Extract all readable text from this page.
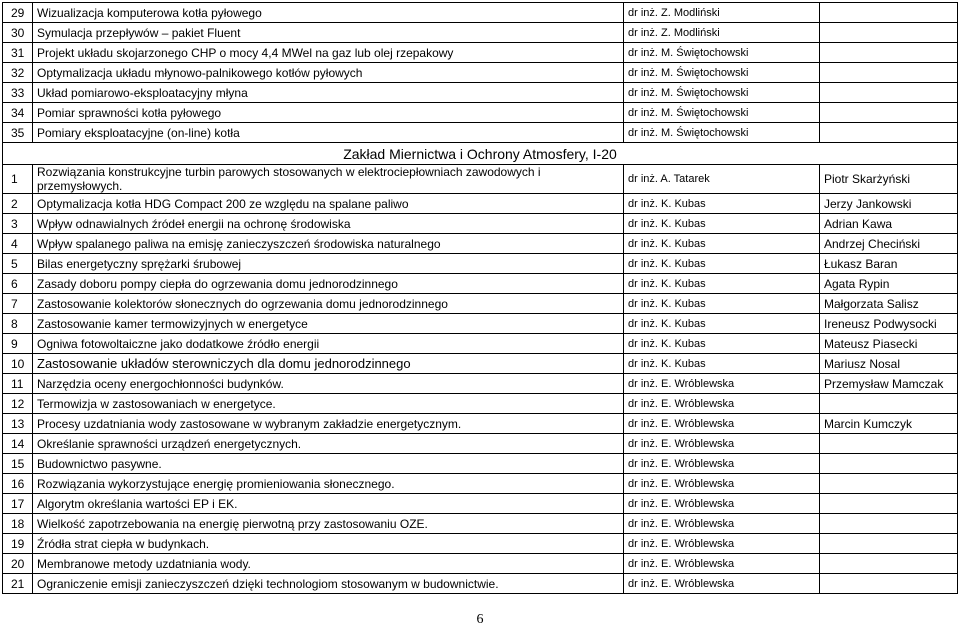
29	Wizualizacja komputerowa kotła pyłowego	dr inż. Z. Modliński	
30	Symulacja przepływów – pakiet Fluent	dr inż. Z. Modliński	
31	Projekt układu skojarzonego CHP o mocy 4,4 MWel na gaz lub olej rzepakowy	dr inż. M. Świętochowski	
32	Optymalizacja układu młynowo-palnikowego kotłów pyłowych	dr inż. M. Świętochowski	
33	Układ pomiarowo-eksploatacyjny młyna	dr inż. M. Świętochowski	
34	Pomiar sprawności kotła pyłowego	dr inż. M. Świętochowski	
35	Pomiary eksploatacyjne (on-line) kotła	dr inż. M. Świętochowski	
Zakład Miernictwa i Ochrony Atmosfery, I-20			
1	Rozwiązania konstrukcyjne turbin parowych stosowanych w elektrociepłowniach zawodowych i przemysłowych.	dr inż. A. Tatarek	Piotr Skarżyński
2	Optymalizacja kotła HDG Compact 200 ze względu na spalane paliwo	dr inż. K. Kubas	Jerzy Jankowski
3	Wpływ odnawialnych źródeł energii na ochronę środowiska	dr inż. K. Kubas	Adrian Kawa
4	Wpływ spalanego paliwa na emisję zanieczyszczeń środowiska naturalnego	dr inż. K. Kubas	Andrzej Checiński
5	Bilas energetyczny sprężarki śrubowej	dr inż. K. Kubas	Łukasz Baran
6	Zasady doboru pompy ciepła do ogrzewania domu jednorodzinnego	dr inż. K. Kubas	Agata Rypin
7	Zastosowanie kolektorów słonecznych do ogrzewania domu jednorodzinnego	dr inż. K. Kubas	Małgorzata Salisz
8	Zastosowanie kamer termowizyjnych w energetyce	dr inż. K. Kubas	Ireneusz Podwysocki
9	Ogniwa fotowoltaiczne jako dodatkowe źródło energii	dr inż. K. Kubas	Mateusz Piasecki
10	Zastosowanie układów sterowniczych dla domu jednorodzinnego	dr inż. K. Kubas	Mariusz Nosal
11	Narzędzia oceny energochłonności budynków.	dr inż. E. Wróblewska	Przemysław Mamczak
12	Termowizja w zastosowaniach w energetyce.	dr inż. E. Wróblewska	
13	Procesy uzdatniania wody zastosowane w wybranym zakładzie energetycznym.	dr inż. E. Wróblewska	Marcin Kumczyk
14	Określanie sprawności urządzeń energetycznych.	dr inż. E. Wróblewska	
15	Budownictwo pasywne.	dr inż. E. Wróblewska	
16	Rozwiązania wykorzystujące energię promieniowania słonecznego.	dr inż. E. Wróblewska	
17	Algorytm określania wartości EP i EK.	dr inż. E. Wróblewska	
18	Wielkość zapotrzebowania na energię pierwotną przy zastosowaniu OZE.	dr inż. E. Wróblewska	
19	Źródła strat ciepła w budynkach.	dr inż. E. Wróblewska	
20	Membranowe metody uzdatniania wody.	dr inż. E. Wróblewska	
21	Ograniczenie emisji zanieczyszczeń dzięki technologiom stosowanym w budownictwie.	dr inż. E. Wróblewska	
6
